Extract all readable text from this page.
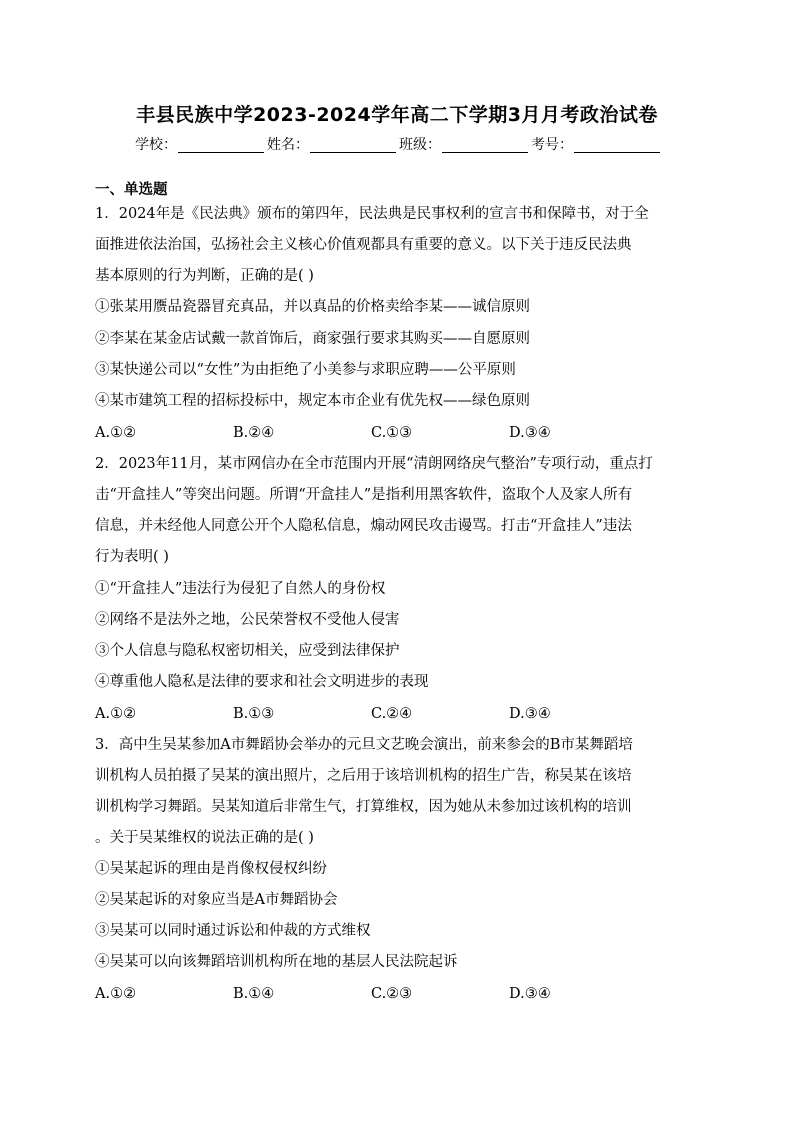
丰县民族中学2023-2024学年高二下学期3月月考政治试卷
学校：	姓名：	班级：	考号：
一、单选题
1．2024年是《民法典》颁布的第四年，民法典是民事权利的宣言书和保障书，对于全
面推进依法治国，弘扬社会主义核心价值观都具有重要的意义。以下关于违反民法典
基本原则的行为判断，正确的是( )
①张某用赝品瓷器冒充真品，并以真品的价格卖给李某——诚信原则
②李某在某金店试戴一款首饰后，商家强行要求其购买——自愿原则
③某快递公司以“女性”为由拒绝了小美参与求职应聘——公平原则
④某市建筑工程的招标投标中，规定本市企业有优先权——绿色原则
A.①②	B.②④	C.①③	D.③④
2．2023年11月，某市网信办在全市范围内开展“清朗网络戾气整治”专项行动，重点打
击“开盒挂人”等突出问题。所谓“开盒挂人”是指利用黑客软件，盗取个人及家人所有
信息，并未经他人同意公开个人隐私信息，煽动网民攻击谩骂。打击“开盒挂人”违法
行为表明( )
①“开盒挂人”违法行为侵犯了自然人的身份权
②网络不是法外之地，公民荣誉权不受他人侵害
③个人信息与隐私权密切相关，应受到法律保护
④尊重他人隐私是法律的要求和社会文明进步的表现
A.①②	B.①③	C.②④	D.③④
3．高中生吴某参加A市舞蹈协会举办的元旦文艺晚会演出，前来参会的B市某舞蹈培
训机构人员拍摄了吴某的演出照片，之后用于该培训机构的招生广告，称吴某在该培
训机构学习舞蹈。吴某知道后非常生气，打算维权，因为她从未参加过该机构的培训
。关于吴某维权的说法正确的是( )
①吴某起诉的理由是肖像权侵权纠纷
②吴某起诉的对象应当是A市舞蹈协会
③吴某可以同时通过诉讼和仲裁的方式维权
④吴某可以向该舞蹈培训机构所在地的基层人民法院起诉
A.①②	B.①④	C.②③	D.③④
